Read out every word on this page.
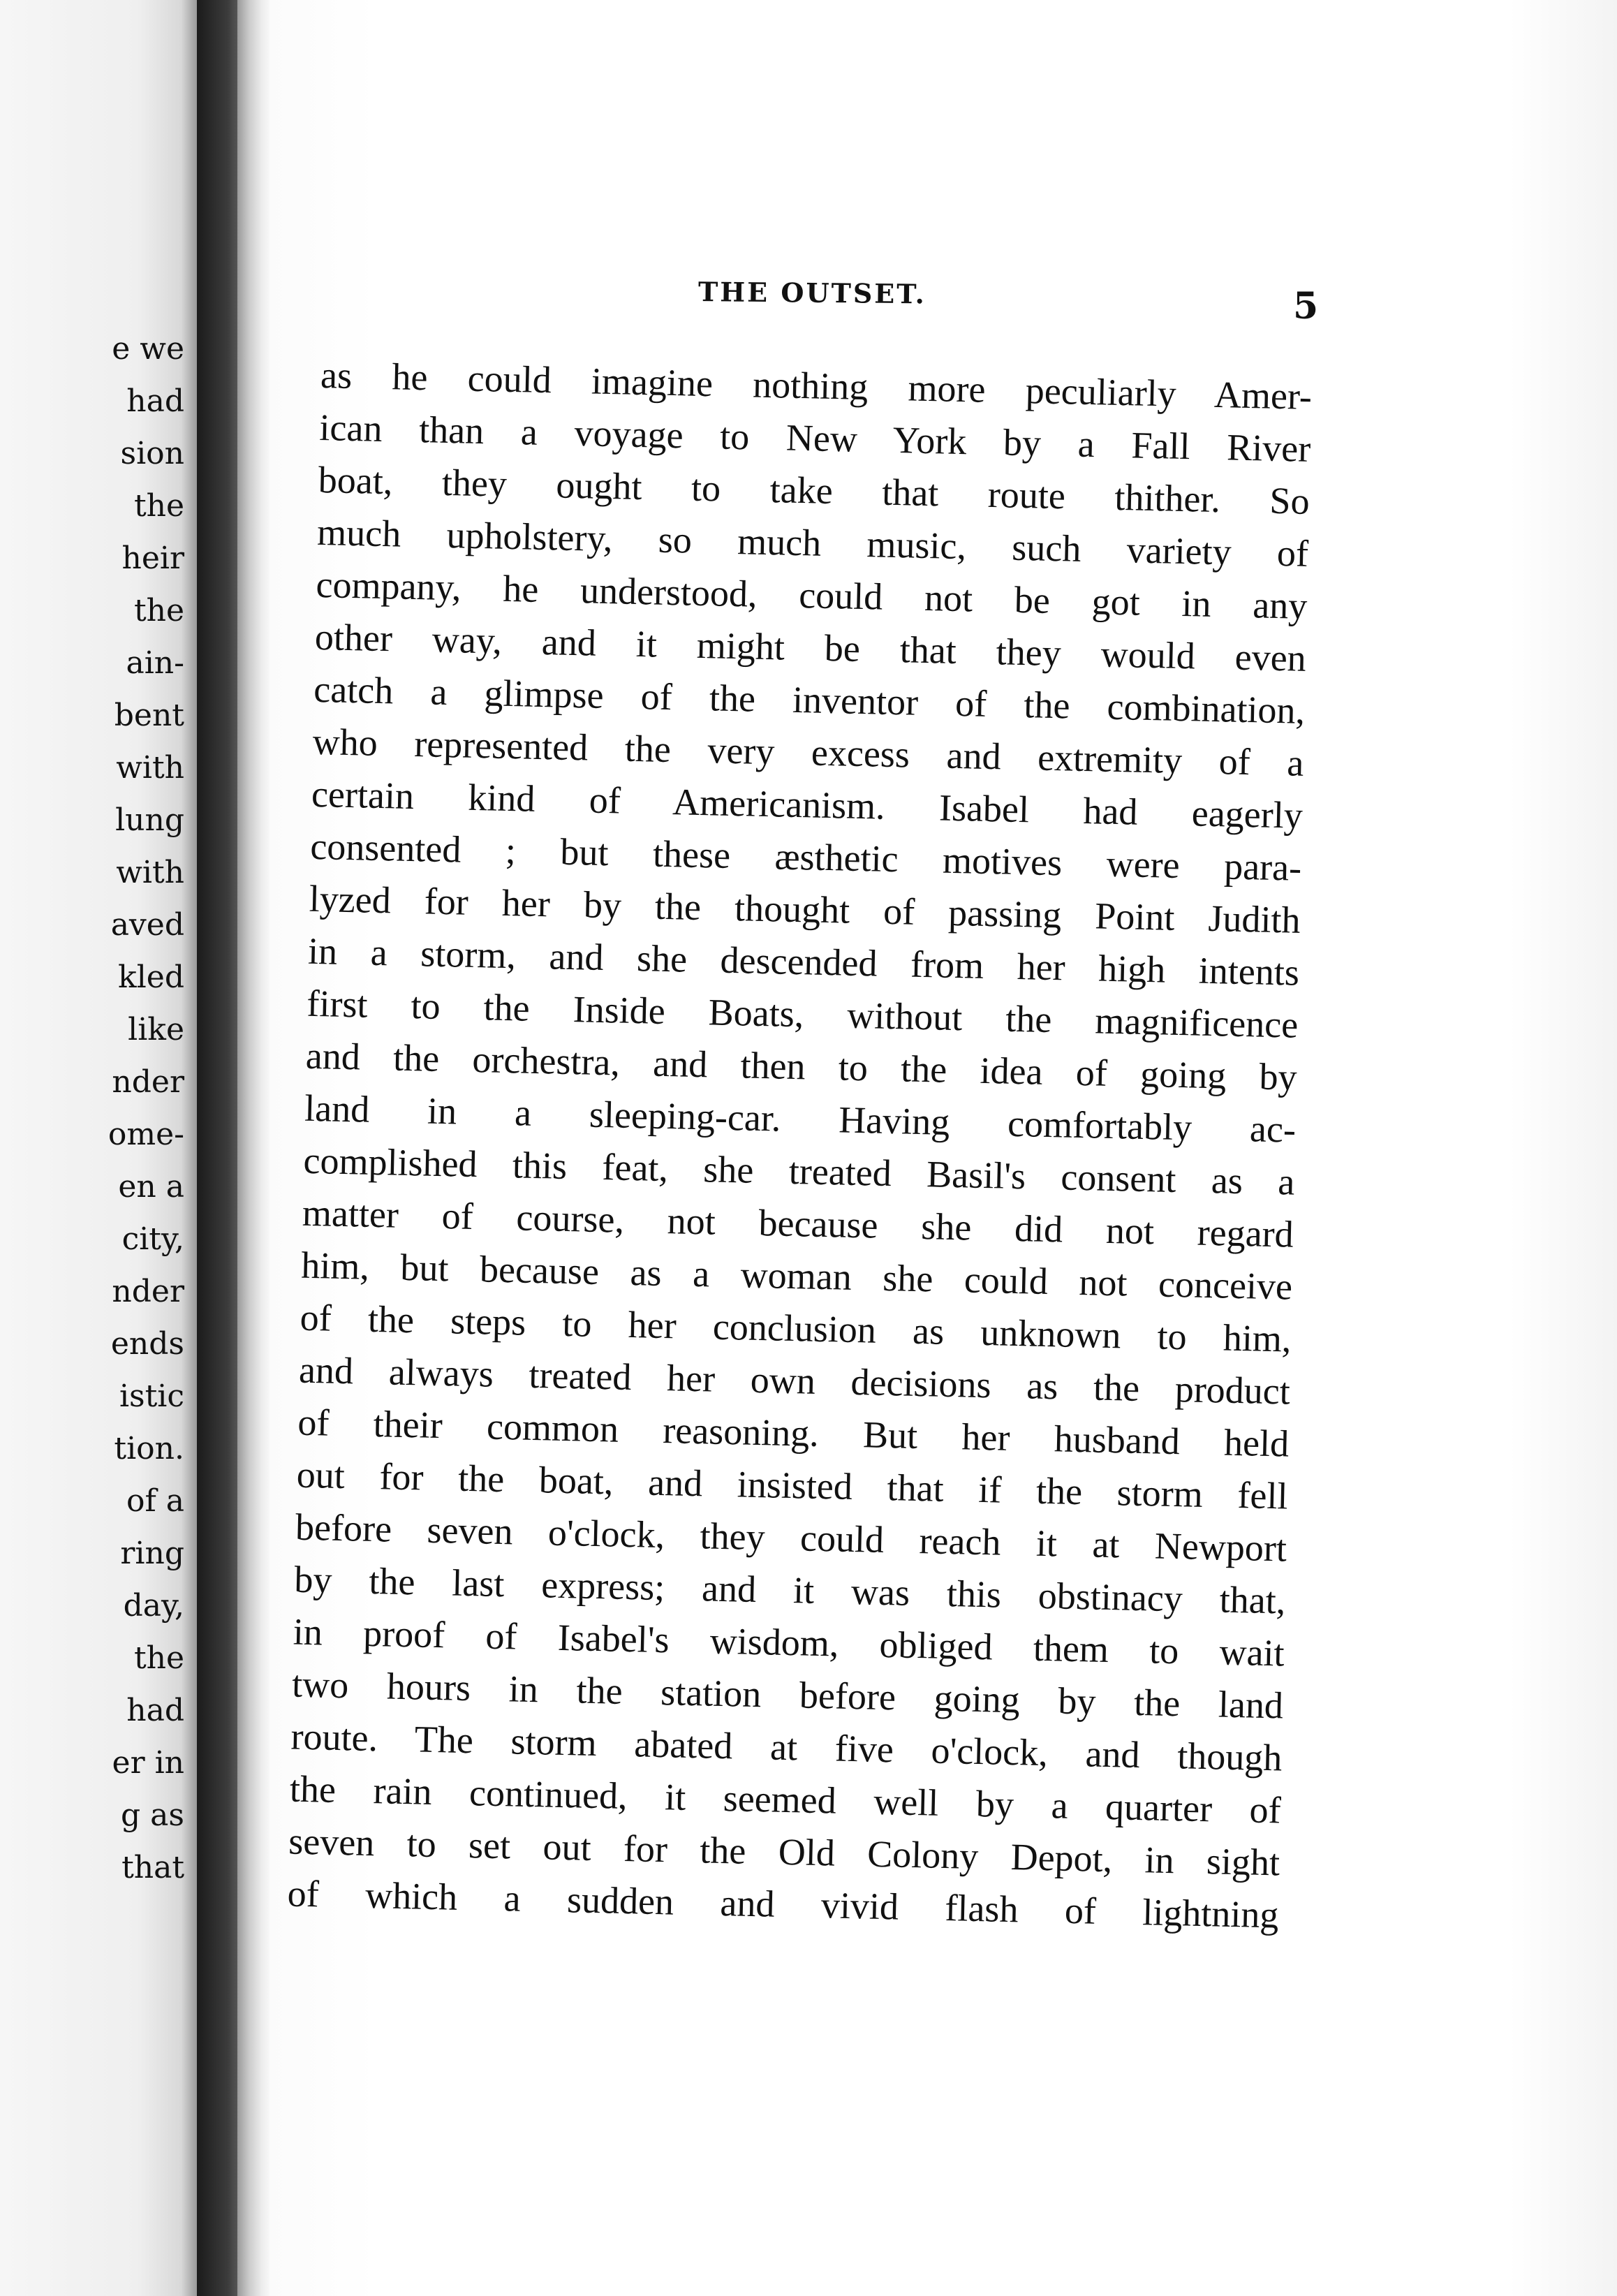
e we
had
sion
the
heir
the
ain-
bent
with
lung
with
aved
kled
like
nder
ome-
en a
city,
nder
ends
istic
tion.
of a
ring
day,
the
had
er in
g as
that
THE OUTSET.	5
as he could imagine nothing more peculiarly Amer-
ican than a voyage to New York by a Fall River
boat, they ought to take that route thither. So
much upholstery, so much music, such variety of
company, he understood, could not be got in any
other way, and it might be that they would even
catch a glimpse of the inventor of the combination,
who represented the very excess and extremity of a
certain kind of Americanism. Isabel had eagerly
consented ; but these æsthetic motives were para-
lyzed for her by the thought of passing Point Judith
in a storm, and she descended from her high intents
first to the Inside Boats, without the magnificence
and the orchestra, and then to the idea of going by
land in a sleeping-car. Having comfortably ac-
complished this feat, she treated Basil's consent as a
matter of course, not because she did not regard
him, but because as a woman she could not conceive
of the steps to her conclusion as unknown to him,
and always treated her own decisions as the product
of their common reasoning. But her husband held
out for the boat, and insisted that if the storm fell
before seven o'clock, they could reach it at Newport
by the last express; and it was this obstinacy that,
in proof of Isabel's wisdom, obliged them to wait
two hours in the station before going by the land
route. The storm abated at five o'clock, and though
the rain continued, it seemed well by a quarter of
seven to set out for the Old Colony Depot, in sight
of which a sudden and vivid flash of lightning
